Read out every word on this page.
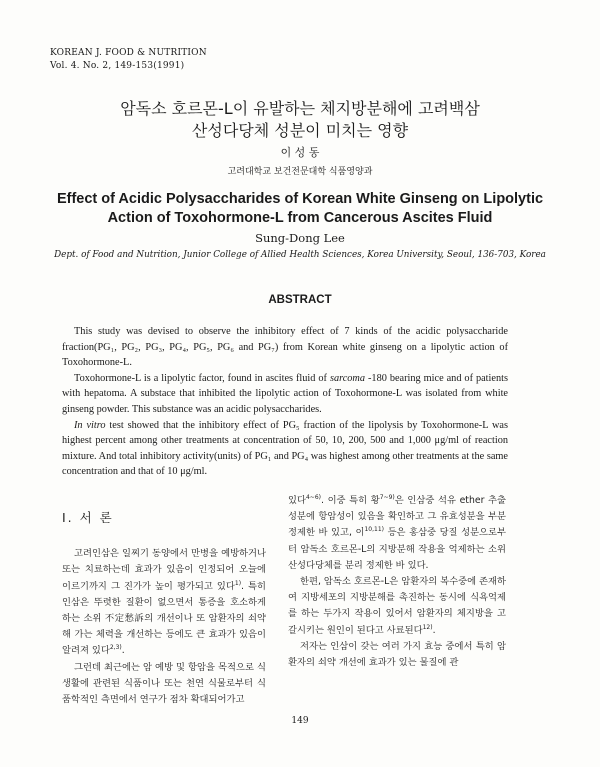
KOREAN J. FOOD & NUTRITION
Vol. 4. No. 2, 149-153(1991)
암독소 호르몬-L이 유발하는 체지방분해에 고려백삼
산성다당체 성분이 미치는 영향
이 성 동
고려대학교 보건전문대학 식품영양과
Effect of Acidic Polysaccharides of Korean White Ginseng on Lipolytic
Action of Toxohormone-L from Cancerous Ascites Fluid
Sung-Dong Lee
Dept. of Food and Nutrition, Junior College of Allied Health Sciences, Korea University, Seoul, 136-703, Korea
ABSTRACT

This study was devised to observe the inhibitory effect of 7 kinds of the acidic polysaccharide fraction(PG₁, PG₂, PG₃, PG₄, PG₅, PG₆ and PG₇) from Korean white ginseng on a lipolytic action of Toxohormone-L.

Toxohormone-L is a lipolytic factor, found in ascites fluid of sarcoma -180 bearing mice and of patients with hepatoma. A substace that inhibited the lipolytic action of Toxohormone-L was isolated from white ginseng powder. This substance was an acidic polysaccharides.

In vitro test showed that the inhibitory effect of PG₅ fraction of the lipolysis by Toxohormone-L was highest percent among other treatments at concentration of 50, 10, 200, 500 and 1,000 μg/ml of reaction mixture. And total inhibitory activity(units) of PG₁ and PG₄ was highest among other treatments at the same concentration and that of 10 μg/ml.

I. 서 론

고려인삼은 일찌기 동양에서 만병을 예방하거나 또는 치료하는데 효과가 있음이 인정되어 오늘에 이르기까지 그 진가가 높이 평가되고 있다$^{1)}$. 특히 인삼은 뚜렷한 질환이 없으면서 통증을 호소하게 하는 소위 不定愁訴의 개선이나 또 암환자의 쇠약해 가는 체력을 개선하는 등에도 큰 효과가 있음이 알려져 있다$^{2,3)}$.

그런데 최근에는 암 예방 및 항암을 목적으로 식생활에 관련된 식품이나 또는 천연 식물로부터 식품학적인 측면에서 연구가 점차 확대되어가고

있다$^{4\sim 6)}$. 이중 특히 황$^{7\sim 9)}$은 인삼중 석유 ether 추출성분에 항암성이 있음을 확인하고 그 유효성분을 부분 정제한 바 있고, 이$^{10,11)}$ 등은 홍삼중 당질 성분으로부터 암독소 호르몬-L의 지방분해 작용을 억제하는 소위 산성다당체를 분리 정제한 바 있다.

한편, 암독소 호르몬-L은 암환자의 복수중에 존재하여 지방세포의 지방분해를 촉진하는 동시에 식욕억제를 하는 두가지 작용이 있어서 암환자의 체지방을 고갈시키는 원인이 된다고 사료된다$^{12)}$.

저자는 인삼이 갖는 여러 가지 효능 중에서 특히 암환자의 쇠약 개선에 효과가 있는 물질에 관

149
